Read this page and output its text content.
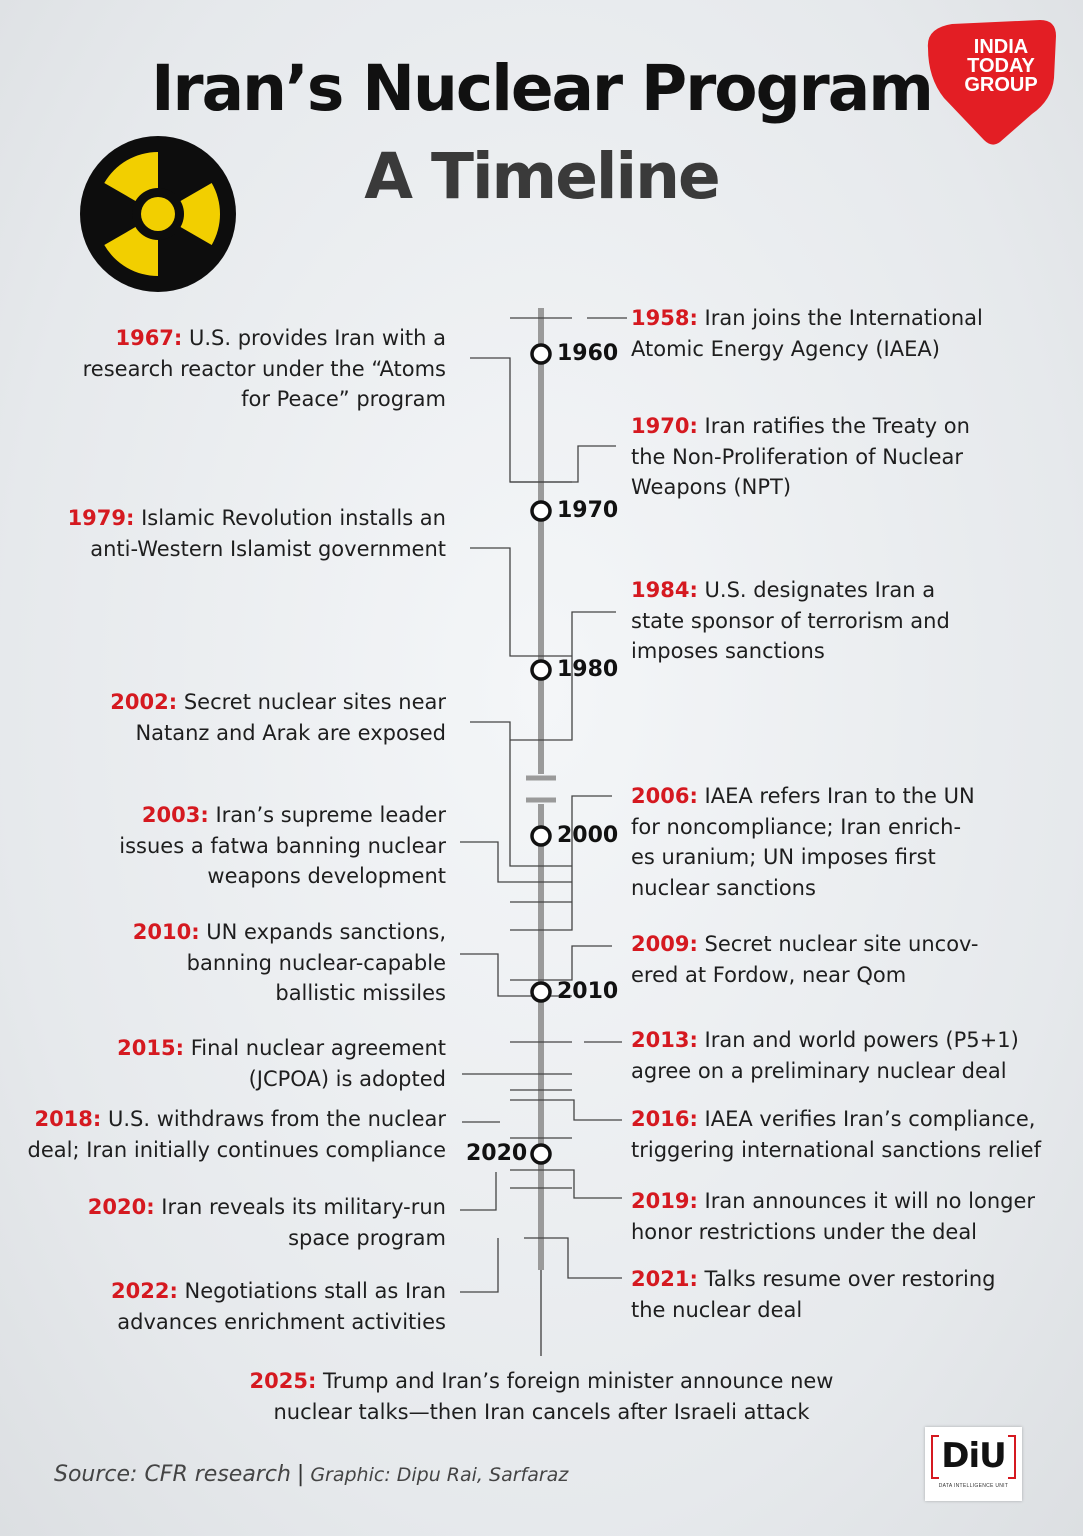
Iran’s Nuclear Program
A Timeline
INDIA
TODAY
GROUP
1960
1970
1980
2000
2010
2020
1958: Iran joins the International Atomic Energy Agency (IAEA)
1970: Iran ratifies the Treaty on the Non-Proliferation of Nuclear Weapons (NPT)
1984: U.S. designates Iran a state sponsor of terrorism and imposes sanctions
2006: IAEA refers Iran to the UN for noncompliance; Iran enrich-es uranium; UN imposes first nuclear sanctions
2009: Secret nuclear site uncov-ered at Fordow, near Qom
2013: Iran and world powers (P5+1) agree on a preliminary nuclear deal
2016: IAEA verifies Iran’s compliance, triggering international sanctions relief
2019: Iran announces it will no longer honor restrictions under the deal
2021: Talks resume over restoring the nuclear deal
1967: U.S. provides Iran with a research reactor under the “Atoms for Peace” program
1979: Islamic Revolution installs an anti-Western Islamist government
2002: Secret nuclear sites near Natanz and Arak are exposed
2003: Iran’s supreme leader issues a fatwa banning nuclear weapons development
2010: UN expands sanctions, banning nuclear-capable ballistic missiles
2015: Final nuclear agreement (JCPOA) is adopted
2018: U.S. withdraws from the nuclear deal; Iran initially continues compliance
2020: Iran reveals its military-run space program
2022: Negotiations stall as Iran advances enrichment activities
2025: Trump and Iran’s foreign minister announce new nuclear talks—then Iran cancels after Israeli attack
Source: CFR research | Graphic: Dipu Rai, Sarfaraz	DiU
DATA INTELLIGENCE UNIT
